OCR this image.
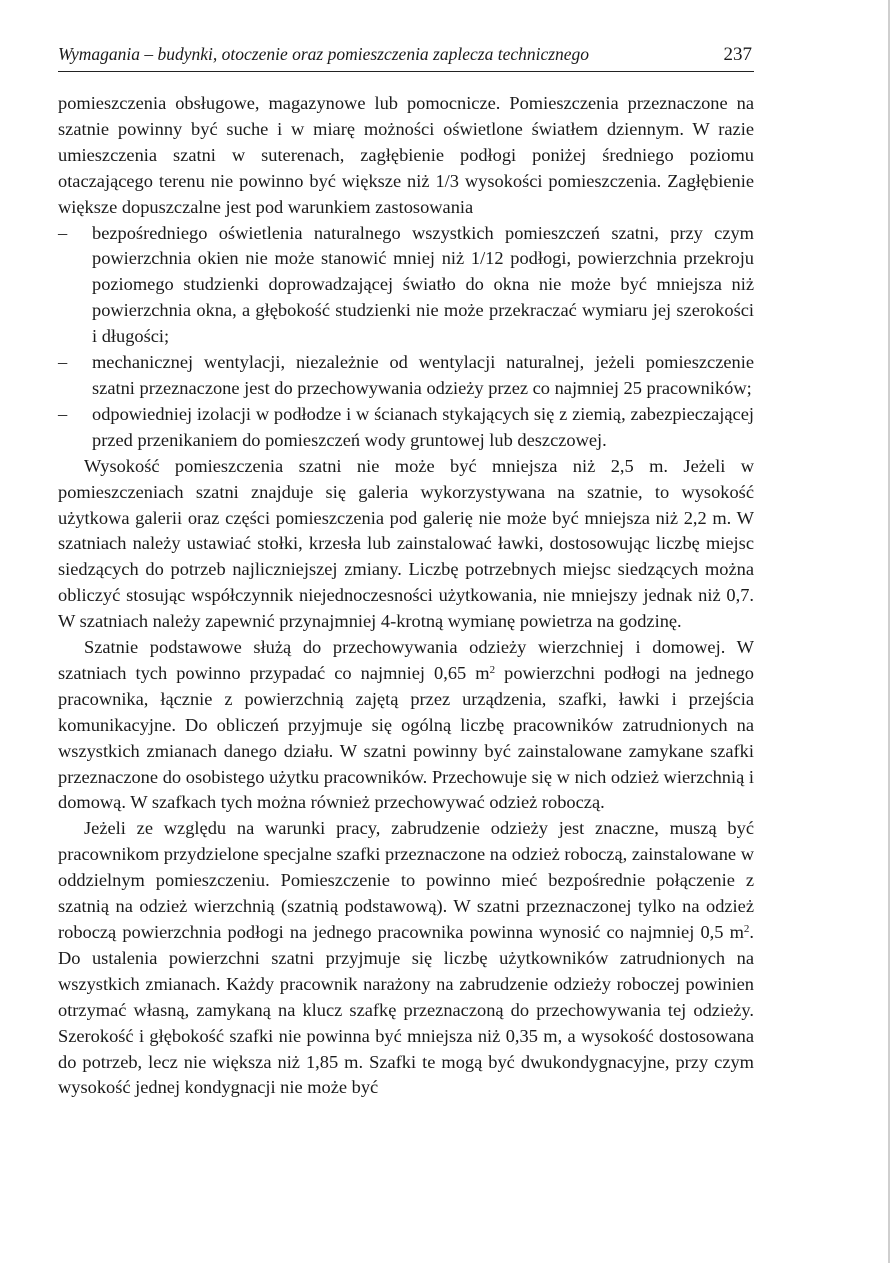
Wymagania – budynki, otoczenie oraz pomieszczenia zaplecza technicznego	237

pomieszczenia obsługowe, magazynowe lub pomocnicze. Pomieszczenia przeznaczone na szatnie powinny być suche i w miarę możności oświetlone światłem dziennym. W razie umieszczenia szatni w suterenach, zagłębienie podłogi poniżej średniego poziomu otaczającego terenu nie powinno być większe niż 1/3 wysokości pomieszczenia. Zagłębienie większe dopuszczalne jest pod warunkiem zastosowania

– bezpośredniego oświetlenia naturalnego wszystkich pomieszczeń szatni, przy czym powierzchnia okien nie może stanowić mniej niż 1/12 podłogi, powierzchnia przekroju poziomego studzienki doprowadzającej światło do okna nie może być mniejsza niż powierzchnia okna, a głębokość studzienki nie może przekraczać wymiaru jej szerokości i długości;
– mechanicznej wentylacji, niezależnie od wentylacji naturalnej, jeżeli pomieszczenie szatni przeznaczone jest do przechowywania odzieży przez co najmniej 25 pracowników;
– odpowiedniej izolacji w podłodze i w ścianach stykających się z ziemią, zabezpieczającej przed przenikaniem do pomieszczeń wody gruntowej lub deszczowej.

Wysokość pomieszczenia szatni nie może być mniejsza niż 2,5 m. Jeżeli w pomieszczeniach szatni znajduje się galeria wykorzystywana na szatnie, to wysokość użytkowa galerii oraz części pomieszczenia pod galerię nie może być mniejsza niż 2,2 m. W szatniach należy ustawiać stołki, krzesła lub zainstalować ławki, dostosowując liczbę miejsc siedzących do potrzeb najliczniejszej zmiany. Liczbę potrzebnych miejsc siedzących można obliczyć stosując współczynnik niejednoczesności użytkowania, nie mniejszy jednak niż 0,7. W szatniach należy zapewnić przynajmniej 4-krotną wymianę powietrza na godzinę.

Szatnie podstawowe służą do przechowywania odzieży wierzchniej i domowej. W szatniach tych powinno przypadać co najmniej 0,65 $m^2$ powierzchni podłogi na jednego pracownika, łącznie z powierzchnią zajętą przez urządzenia, szafki, ławki i przejścia komunikacyjne. Do obliczeń przyjmuje się ogólną liczbę pracowników zatrudnionych na wszystkich zmianach danego działu. W szatni powinny być zainstalowane zamykane szafki przeznaczone do osobistego użytku pracowników. Przechowuje się w nich odzież wierzchnią i domową. W szafkach tych można również przechowywać odzież roboczą.

Jeżeli ze względu na warunki pracy, zabrudzenie odzieży jest znaczne, muszą być pracownikom przydzielone specjalne szafki przeznaczone na odzież roboczą, zainstalowane w oddzielnym pomieszczeniu. Pomieszczenie to powinno mieć bezpośrednie połączenie z szatnią na odzież wierzchnią (szatnią podstawową). W szatni przeznaczonej tylko na odzież roboczą powierzchnia podłogi na jednego pracownika powinna wynosić co najmniej 0,5 $m^2$. Do ustalenia powierzchni szatni przyjmuje się liczbę użytkowników zatrudnionych na wszystkich zmianach. Każdy pracownik narażony na zabrudzenie odzieży roboczej powinien otrzymać własną, zamykaną na klucz szafkę przeznaczoną do przechowywania tej odzieży. Szerokość i głębokość szafki nie powinna być mniejsza niż 0,35 m, a wysokość dostosowana do potrzeb, lecz nie większa niż 1,85 m. Szafki te mogą być dwukondygnacyjne, przy czym wysokość jednej kondygnacji nie może być
